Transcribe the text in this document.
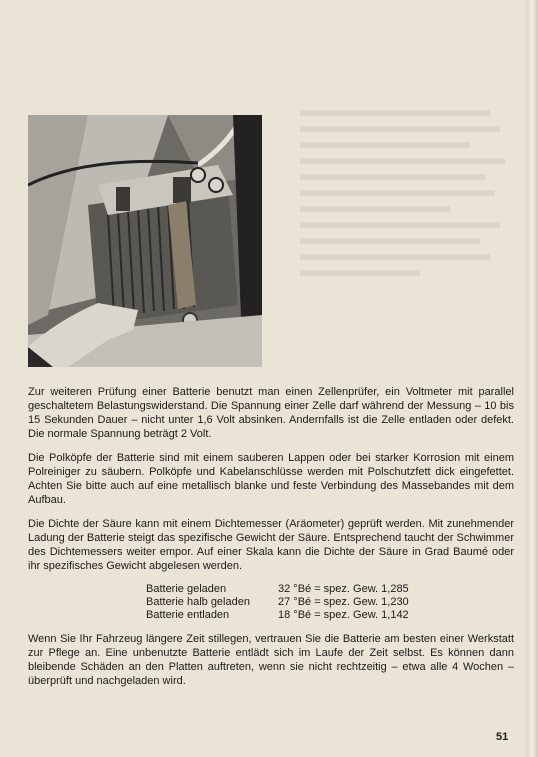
Zur weiteren Prüfung einer Batterie benutzt man einen Zellenprüfer, ein Voltmeter mit parallel geschaltetem Belastungswiderstand. Die Spannung einer Zelle darf während der Messung – 10 bis 15 Sekunden Dauer – nicht unter 1,6 Volt absinken. Andernfalls ist die Zelle entladen oder defekt. Die normale Spannung beträgt 2 Volt.

Die Polköpfe der Batterie sind mit einem sauberen Lappen oder bei starker Korrosion mit einem Polreiniger zu säubern. Polköpfe und Kabelanschlüsse werden mit Polschutzfett dick eingefettet. Achten Sie bitte auch auf eine metallisch blanke und feste Verbindung des Massebandes mit dem Aufbau.

Die Dichte der Säure kann mit einem Dichtemesser (Aräometer) geprüft werden. Mit zunehmender Ladung der Batterie steigt das spezifische Gewicht der Säure. Entsprechend taucht der Schwimmer des Dichtemessers weiter empor. Auf einer Skala kann die Dichte der Säure in Grad Baumé oder ihr spezifisches Gewicht abgelesen werden.

Batterie geladen	32 °Bé = spez. Gew. 1,285
Batterie halb geladen	27 °Bé = spez. Gew. 1,230
Batterie entladen	18 °Bé = spez. Gew. 1,142

Wenn Sie Ihr Fahrzeug längere Zeit stillegen, vertrauen Sie die Batterie am besten einer Werkstatt zur Pflege an. Eine unbenutzte Batterie entlädt sich im Laufe der Zeit selbst. Es können dann bleibende Schäden an den Platten auftreten, wenn sie nicht rechtzeitig – etwa alle 4 Wochen – überprüft und nachgeladen wird.

51
